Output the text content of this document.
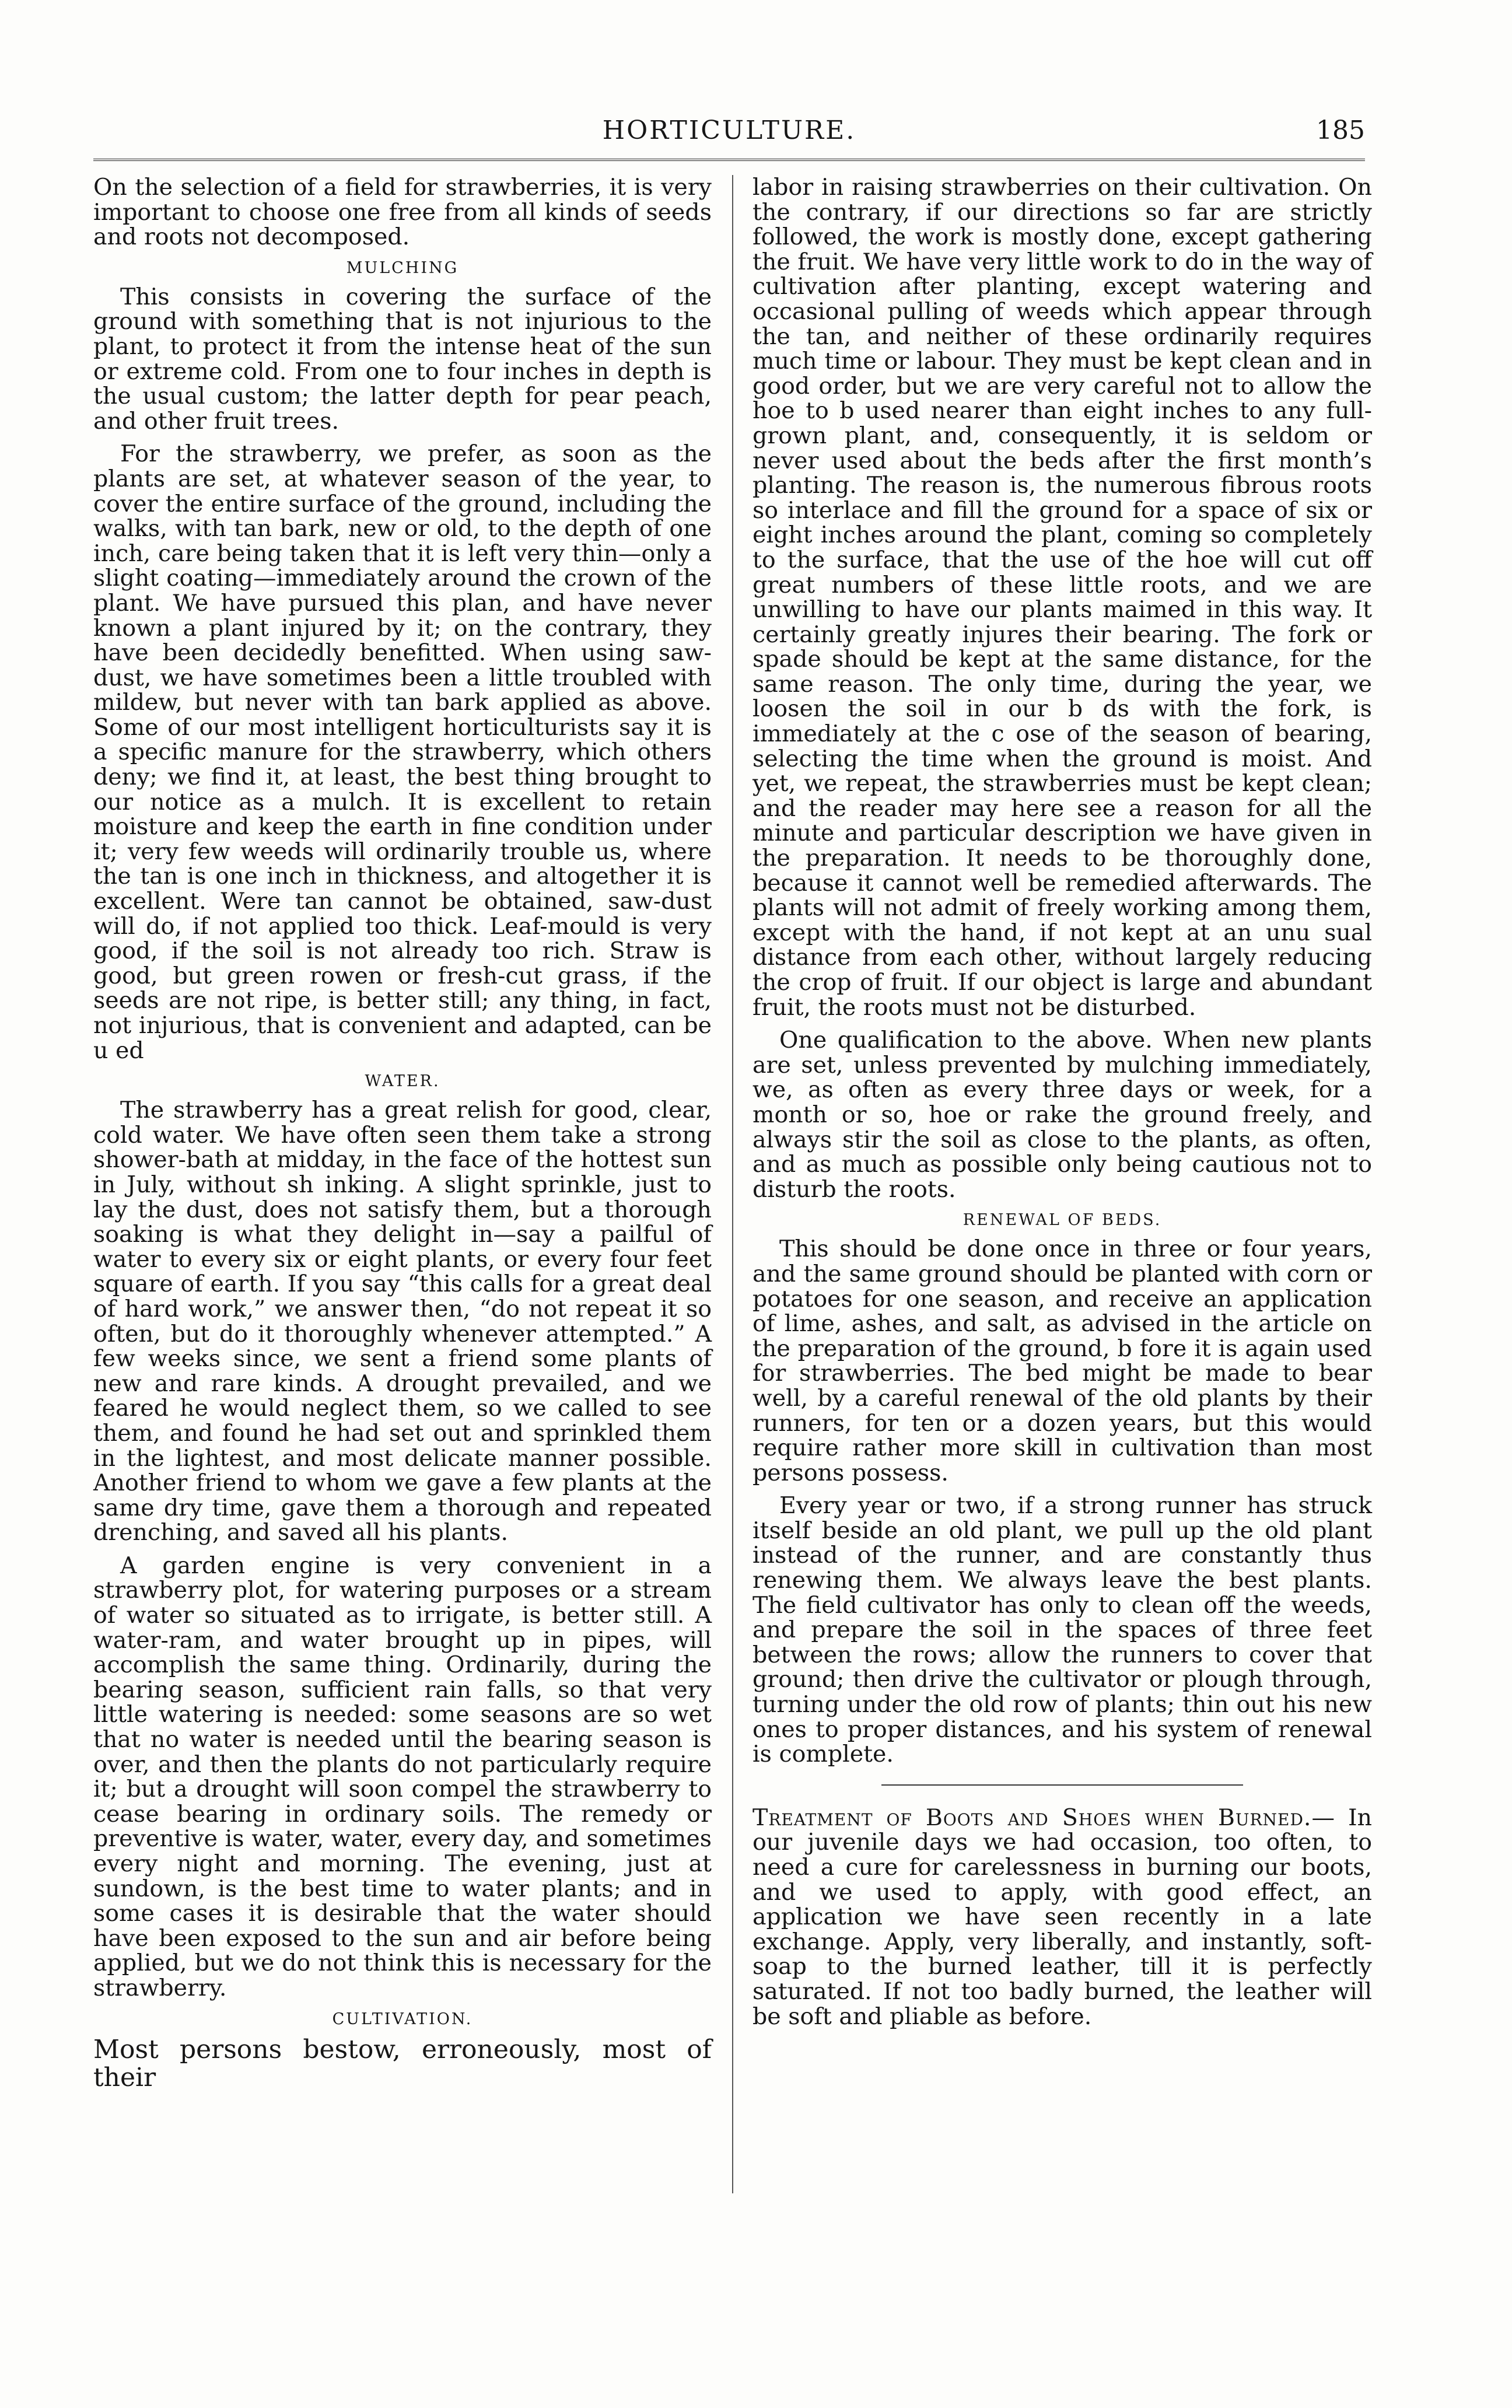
HORTICULTURE.	185

On the selection of a field for strawberries, it is very important to choose one free from all kinds of seeds and roots not decomposed.

MULCHING

This consists in covering the surface of the ground with something that is not injurious to the plant, to protect it from the intense heat of the sun or extreme cold. From one to four inches in depth is the usual custom; the latter depth for pear peach, and other fruit trees.

For the strawberry, we prefer, as soon as the plants are set, at whatever season of the year, to cover the entire surface of the ground, including the walks, with tan bark, new or old, to the depth of one inch, care being taken that it is left very thin—only a slight coating—immediately around the crown of the plant. We have pursued this plan, and have never known a plant injured by it; on the contrary, they have been decidedly benefitted. When using saw-dust, we have sometimes been a little troubled with mildew, but never with tan bark applied as above. Some of our most intelligent horticulturists say it is a specific manure for the strawberry, which others deny; we find it, at least, the best thing brought to our notice as a mulch. It is excellent to retain moisture and keep the earth in fine condition under it; very few weeds will ordinarily trouble us, where the tan is one inch in thickness, and altogether it is excellent. Were tan cannot be obtained, saw-dust will do, if not applied too thick. Leaf-mould is very good, if the soil is not already too rich. Straw is good, but green rowen or fresh-cut grass, if the seeds are not ripe, is better still; any thing, in fact, not injurious, that is convenient and adapted, can be u ed

WATER.

The strawberry has a great relish for good, clear, cold water. We have often seen them take a strong shower-bath at midday, in the face of the hottest sun in July, without sh inking. A slight sprinkle, just to lay the dust, does not satisfy them, but a thorough soaking is what they delight in—say a pailful of water to every six or eight plants, or every four feet square of earth. If you say “this calls for a great deal of hard work,” we answer then, “do not repeat it so often, but do it thoroughly whenever attempted.” A few weeks since, we sent a friend some plants of new and rare kinds. A drought prevailed, and we feared he would neglect them, so we called to see them, and found he had set out and sprinkled them in the lightest, and most delicate manner possible. Another friend to whom we gave a few plants at the same dry time, gave them a thorough and repeated drenching, and saved all his plants.

A garden engine is very convenient in a strawberry plot, for watering purposes or a stream of water so situated as to irrigate, is better still. A water-ram, and water brought up in pipes, will accomplish the same thing. Ordinarily, during the bearing season, sufficient rain falls, so that very little watering is needed: some seasons are so wet that no water is needed until the bearing season is over, and then the plants do not particularly require it; but a drought will soon compel the strawberry to cease bearing in ordinary soils. The remedy or preventive is water, water, every day, and sometimes every night and morning. The evening, just at sundown, is the best time to water plants; and in some cases it is desirable that the water should have been exposed to the sun and air before being applied, but we do not think this is necessary for the strawberry.

CULTIVATION.

Most persons bestow, erroneously, most of their

labor in raising strawberries on their cultivation. On the contrary, if our directions so far are strictly followed, the work is mostly done, except gathering the fruit. We have very little work to do in the way of cultivation after planting, except watering and occasional pulling of weeds which appear through the tan, and neither of these ordinarily requires much time or labour. They must be kept clean and in good order, but we are very careful not to allow the hoe to b used nearer than eight inches to any full-grown plant, and, consequently, it is seldom or never used about the beds after the first month’s planting. The reason is, the numerous fibrous roots so interlace and fill the ground for a space of six or eight inches around the plant, coming so completely to the surface, that the use of the hoe will cut off great numbers of these little roots, and we are unwilling to have our plants maimed in this way. It certainly greatly injures their bearing. The fork or spade should be kept at the same distance, for the same reason. The only time, during the year, we loosen the soil in our b ds with the fork, is immediately at the c ose of the season of bearing, selecting the time when the ground is moist. And yet, we repeat, the strawberries must be kept clean; and the reader may here see a reason for all the minute and particular description we have given in the preparation. It needs to be thoroughly done, because it cannot well be remedied afterwards. The plants will not admit of freely working among them, except with the hand, if not kept at an unu sual distance from each other, without largely reducing the crop of fruit. If our object is large and abundant fruit, the roots must not be disturbed.

One qualification to the above. When new plants are set, unless prevented by mulching immediately, we, as often as every three days or week, for a month or so, hoe or rake the ground freely, and always stir the soil as close to the plants, as often, and as much as possible only being cautious not to disturb the roots.

RENEWAL OF BEDS.

This should be done once in three or four years, and the same ground should be planted with corn or potatoes for one season, and receive an application of lime, ashes, and salt, as advised in the article on the preparation of the ground, b fore it is again used for strawberries. The bed might be made to bear well, by a careful renewal of the old plants by their runners, for ten or a dozen years, but this would require rather more skill in cultivation than most persons possess.

Every year or two, if a strong runner has struck itself beside an old plant, we pull up the old plant instead of the runner, and are constantly thus renewing them. We always leave the best plants. The field cultivator has only to clean off the weeds, and prepare the soil in the spaces of three feet between the rows; allow the runners to cover that ground; then drive the cultivator or plough through, turning under the old row of plants; thin out his new ones to proper distances, and his system of renewal is complete.

Treatment of Boots and Shoes when Burned.— In our juvenile days we had occasion, too often, to need a cure for carelessness in burning our boots, and we used to apply, with good effect, an application we have seen recently in a late exchange. Apply, very liberally, and instantly, soft-soap to the burned leather, till it is perfectly saturated. If not too badly burned, the leather will be soft and pliable as before.
